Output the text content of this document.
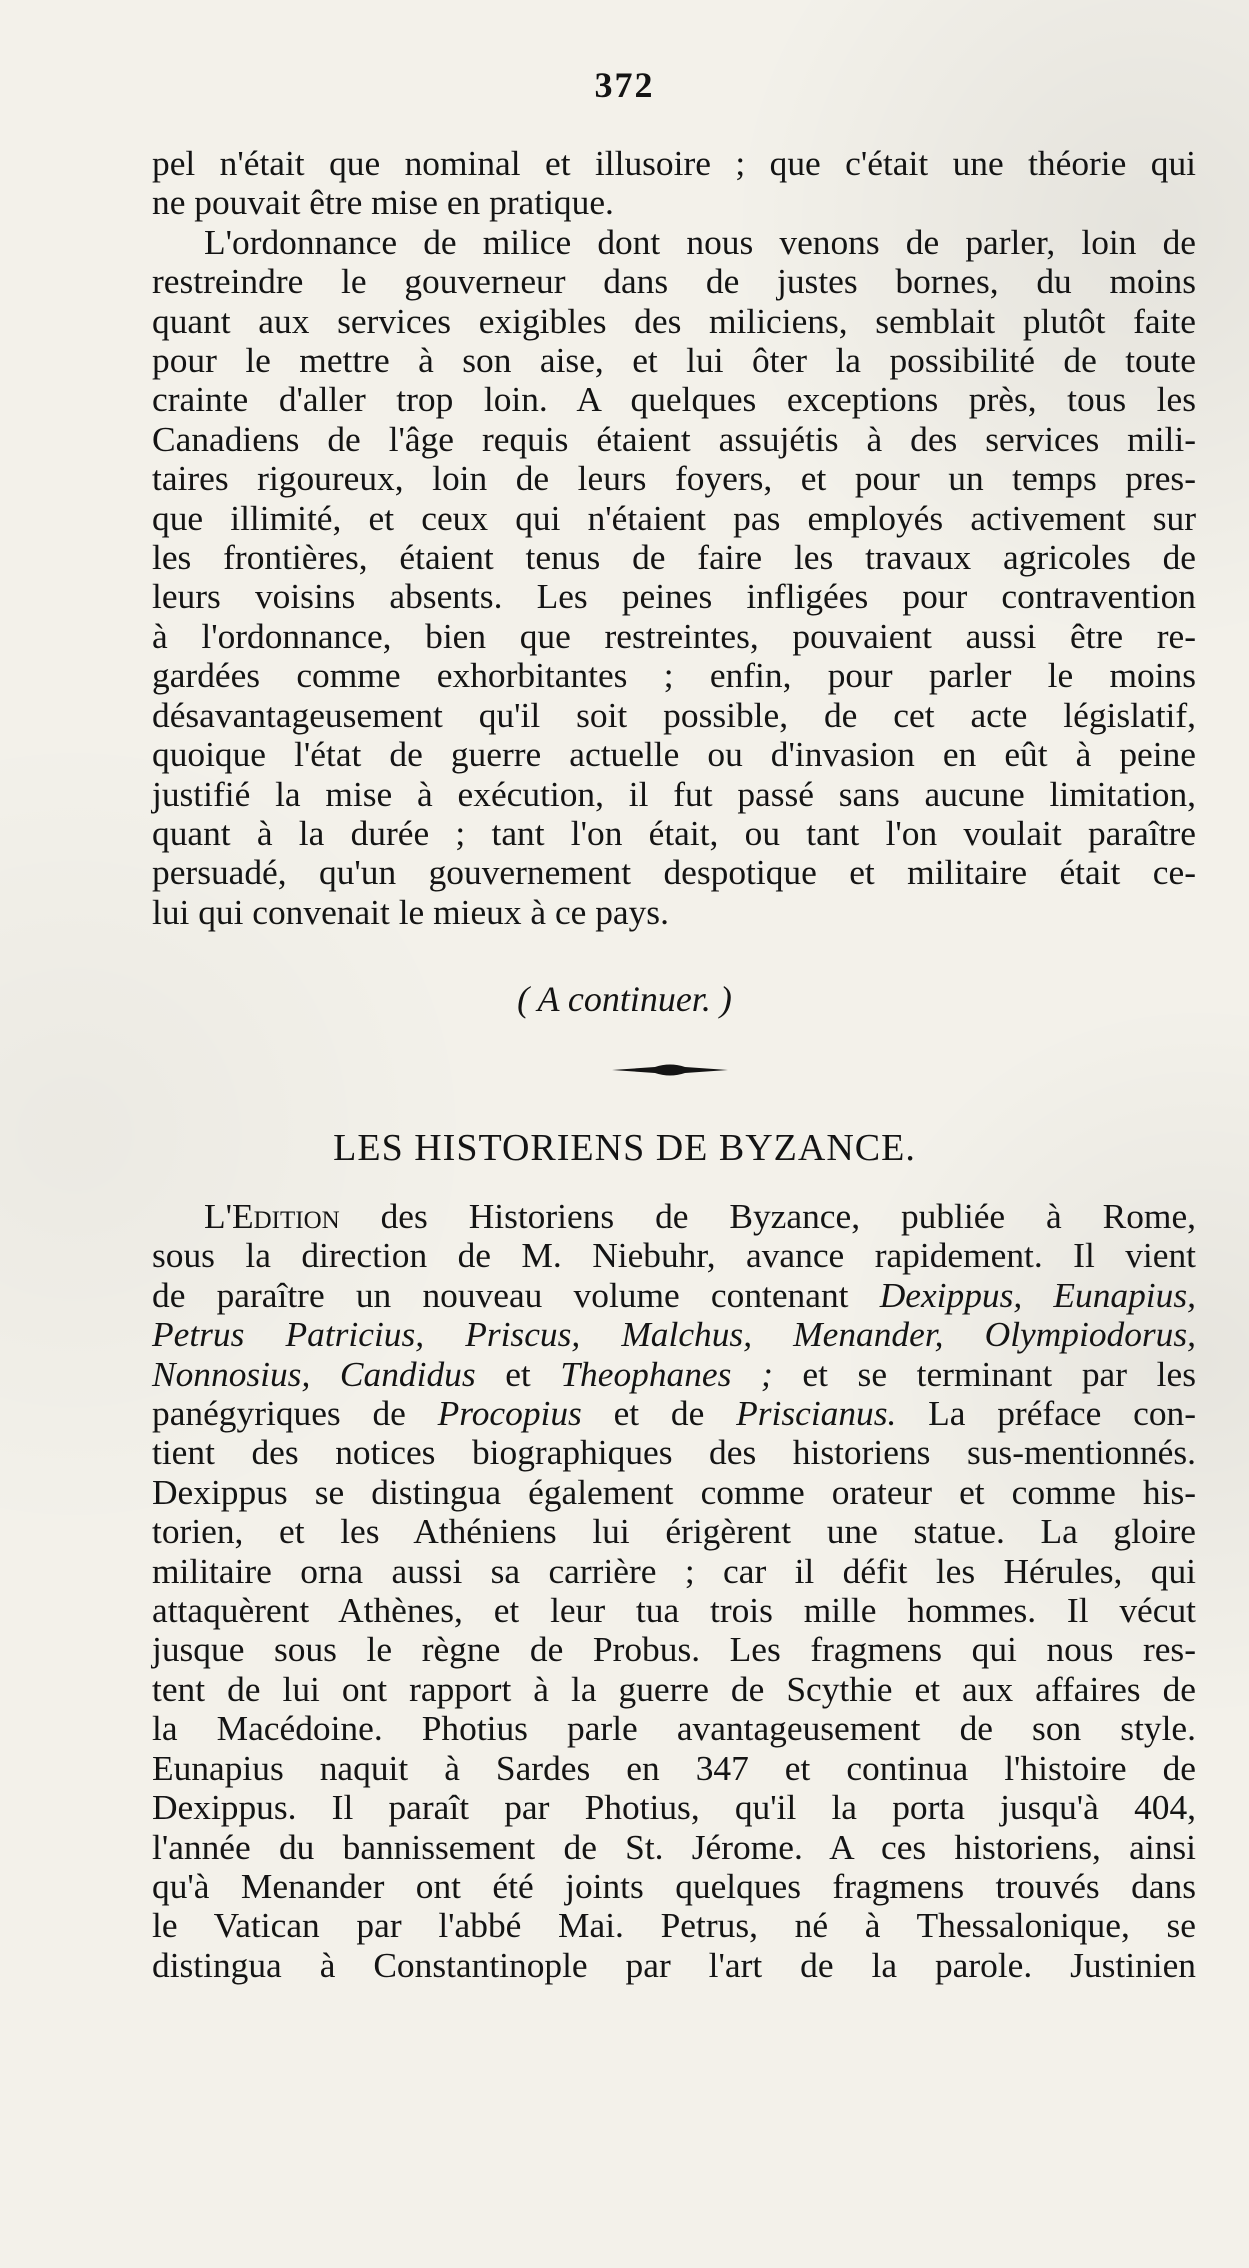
372
pel n'était que nominal et illusoire ; que c'était une théorie qui
ne pouvait être mise en pratique.
L'ordonnance de milice dont nous venons de parler, loin de
restreindre le gouverneur dans de justes bornes, du moins
quant aux services exigibles des miliciens, semblait plutôt faite
pour le mettre à son aise, et lui ôter la possibilité de toute
crainte d'aller trop loin. A quelques exceptions près, tous les
Canadiens de l'âge requis étaient assujétis à des services mili-
taires rigoureux, loin de leurs foyers, et pour un temps pres-
que illimité, et ceux qui n'étaient pas employés activement sur
les frontières, étaient tenus de faire les travaux agricoles de
leurs voisins absents. Les peines infligées pour contravention
à l'ordonnance, bien que restreintes, pouvaient aussi être re-
gardées comme exhorbitantes ; enfin, pour parler le moins
désavantageusement qu'il soit possible, de cet acte législatif,
quoique l'état de guerre actuelle ou d'invasion en eût à peine
justifié la mise à exécution, il fut passé sans aucune limitation,
quant à la durée ; tant l'on était, ou tant l'on voulait paraître
persuadé, qu'un gouvernement despotique et militaire était ce-
lui qui convenait le mieux à ce pays.
( A continuer. )
LES HISTORIENS DE BYZANCE.
L'Edition des Historiens de Byzance, publiée à Rome,
sous la direction de M. Niebuhr, avance rapidement. Il vient
de paraître un nouveau volume contenant Dexippus, Eunapius,
Petrus Patricius, Priscus, Malchus, Menander, Olympiodorus,
Nonnosius, Candidus et Theophanes ; et se terminant par les
panégyriques de Procopius et de Priscianus. La préface con-
tient des notices biographiques des historiens sus-mentionnés.
Dexippus se distingua également comme orateur et comme his-
torien, et les Athéniens lui érigèrent une statue. La gloire
militaire orna aussi sa carrière ; car il défit les Hérules, qui
attaquèrent Athènes, et leur tua trois mille hommes. Il vécut
jusque sous le règne de Probus. Les fragmens qui nous res-
tent de lui ont rapport à la guerre de Scythie et aux affaires de
la Macédoine. Photius parle avantageusement de son style.
Eunapius naquit à Sardes en 347 et continua l'histoire de
Dexippus. Il paraît par Photius, qu'il la porta jusqu'à 404,
l'année du bannissement de St. Jérome. A ces historiens, ainsi
qu'à Menander ont été joints quelques fragmens trouvés dans
le Vatican par l'abbé Mai. Petrus, né à Thessalonique, se
distingua à Constantinople par l'art de la parole. Justinien
